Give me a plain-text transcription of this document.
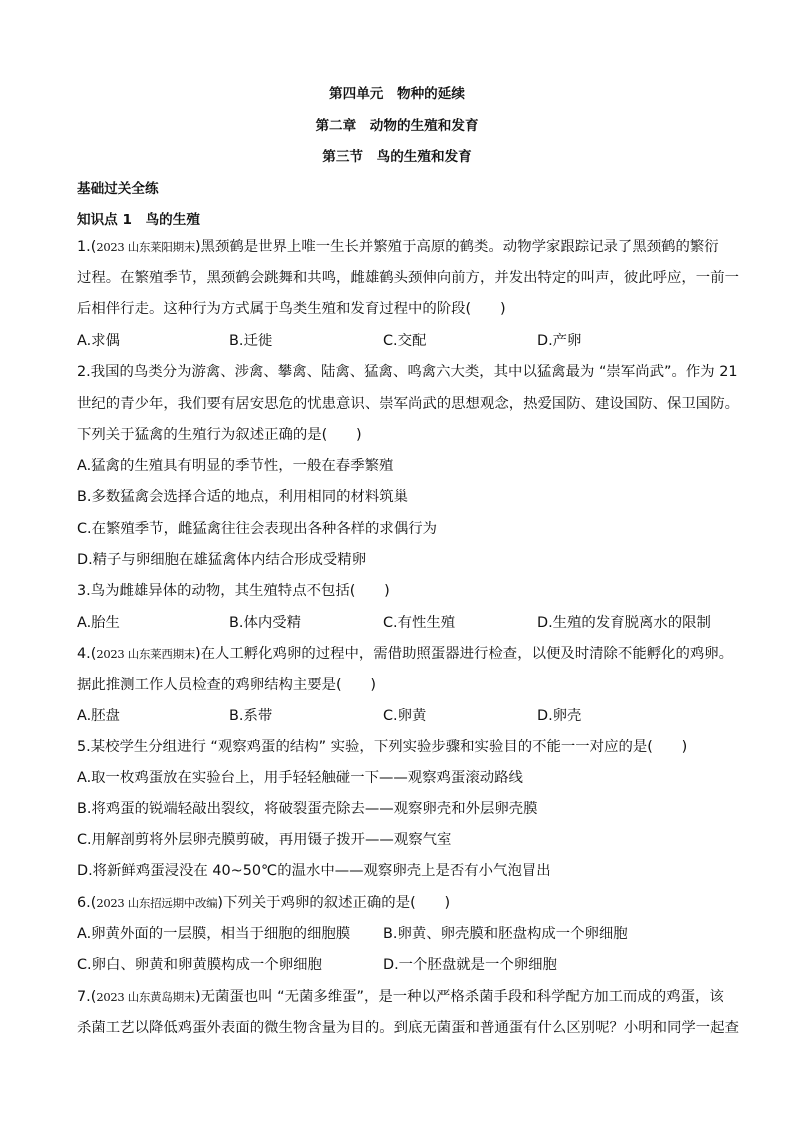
第四单元　物种的延续
第二章　动物的生殖和发育
第三节　鸟的生殖和发育
基础过关全练
知识点 1　鸟的生殖
1.(2023 山东莱阳期末)黑颈鹤是世界上唯一生长并繁殖于高原的鹤类。动物学家跟踪记录了黑颈鹤的繁衍
过程。在繁殖季节，黑颈鹤会跳舞和共鸣，雌雄鹤头颈伸向前方，并发出特定的叫声，彼此呼应，一前一
后相伴行走。这种行为方式属于鸟类生殖和发育过程中的阶段(　　)
A.求偶	B.迁徙	C.交配	D.产卵
2.我国的鸟类分为游禽、涉禽、攀禽、陆禽、猛禽、鸣禽六大类，其中以猛禽最为 “崇军尚武”。作为 21
世纪的青少年，我们要有居安思危的忧患意识、崇军尚武的思想观念，热爱国防、建设国防、保卫国防。
下列关于猛禽的生殖行为叙述正确的是(　　)
A.猛禽的生殖具有明显的季节性，一般在春季繁殖
B.多数猛禽会选择合适的地点，利用相同的材料筑巢
C.在繁殖季节，雌猛禽往往会表现出各种各样的求偶行为
D.精子与卵细胞在雄猛禽体内结合形成受精卵
3.鸟为雌雄异体的动物，其生殖特点不包括(　　)
A.胎生	B.体内受精	C.有性生殖	D.生殖的发育脱离水的限制
4.(2023 山东莱西期末)在人工孵化鸡卵的过程中，需借助照蛋器进行检查，以便及时清除不能孵化的鸡卵。
据此推测工作人员检查的鸡卵结构主要是(　　)
A.胚盘	B.系带	C.卵黄	D.卵壳
5.某校学生分组进行 “观察鸡蛋的结构” 实验，下列实验步骤和实验目的不能一一对应的是(　　)
A.取一枚鸡蛋放在实验台上，用手轻轻触碰一下——观察鸡蛋滚动路线
B.将鸡蛋的锐端轻敲出裂纹，将破裂蛋壳除去——观察卵壳和外层卵壳膜
C.用解剖剪将外层卵壳膜剪破，再用镊子拨开——观察气室
D.将新鲜鸡蛋浸没在 40~50℃的温水中——观察卵壳上是否有小气泡冒出
6.(2023 山东招远期中改编)下列关于鸡卵的叙述正确的是(　　)
A.卵黄外面的一层膜，相当于细胞的细胞膜 B.卵黄、卵壳膜和胚盘构成一个卵细胞
C.卵白、卵黄和卵黄膜构成一个卵细胞	D.一个胚盘就是一个卵细胞
7.(2023 山东黄岛期末)无菌蛋也叫 “无菌多维蛋”，是一种以严格杀菌手段和科学配方加工而成的鸡蛋，该
杀菌工艺以降低鸡蛋外表面的微生物含量为目的。到底无菌蛋和普通蛋有什么区别呢？小明和同学一起查
